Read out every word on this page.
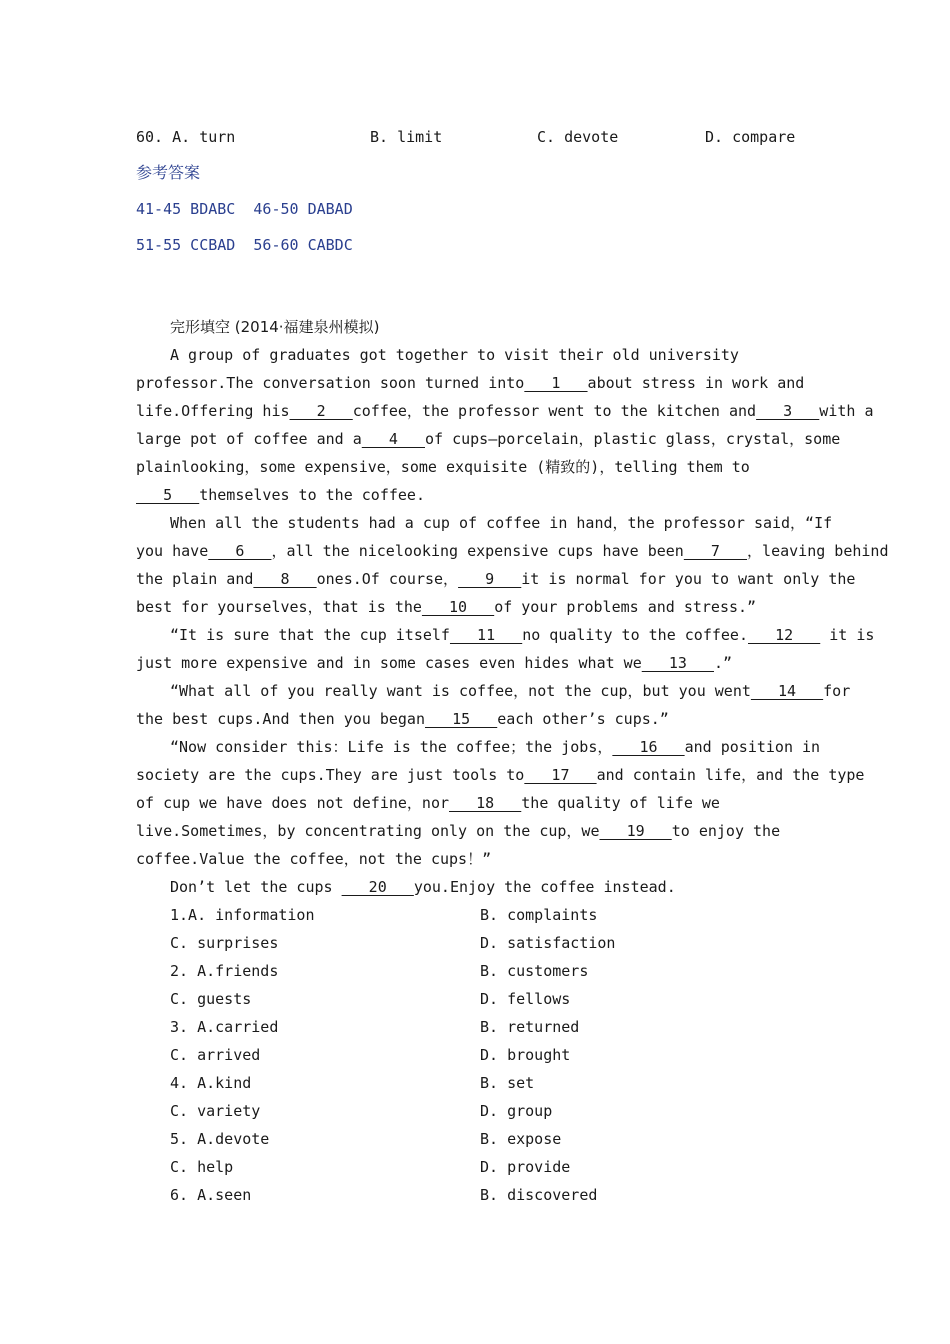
60. A. turn	B. limit	C. devote	D. compare
参考答案
41-45 BDABC  46-50 DABAD
51-55 CCBAD  56-60 CABDC
完形填空 (2014·福建泉州模拟)
A group of graduates got together to visit their old university
professor.The conversation soon turned into   1   about stress in work and
life.Offering his   2   coffee，the professor went to the kitchen and   3   with a
large pot of coffee and a   4   of cups—porcelain，plastic glass，crystal，some
plainlooking，some expensive，some exquisite (精致的)，telling them to
5   themselves to the coffee.
When all the students had a cup of coffee in hand，the professor said，“If
you have   6   ，all the nicelooking expensive cups have been   7   ，leaving behind
the plain and   8   ones.Of course，   9   it is normal for you to want only the
best for yourselves，that is the   10   of your problems and stress.”
“It is sure that the cup itself   11   no quality to the coffee.   12    it is
just more expensive and in some cases even hides what we   13   .”
“What all of you really want is coffee，not the cup，but you went   14   for
the best cups.And then you began   15   each other’s cups.”
“Now consider this：Life is the coffee；the jobs，   16   and position in
society are the cups.They are just tools to   17   and contain life，and the type
of cup we have does not define，nor   18   the quality of life we
live.Sometimes，by concentrating only on the cup，we   19   to enjoy the
coffee.Value the coffee，not the cups！”
Don’t let the cups    20   you.Enjoy the coffee instead.
1.A. information	B. complaints
C. surprises	D. satisfaction
2. A.friends	B. customers
C. guests	D. fellows
3. A.carried	B. returned
C. arrived	D. brought
4. A.kind	B. set
C. variety	D. group
5. A.devote	B. expose
C. help	D. provide
6. A.seen	B. discovered
